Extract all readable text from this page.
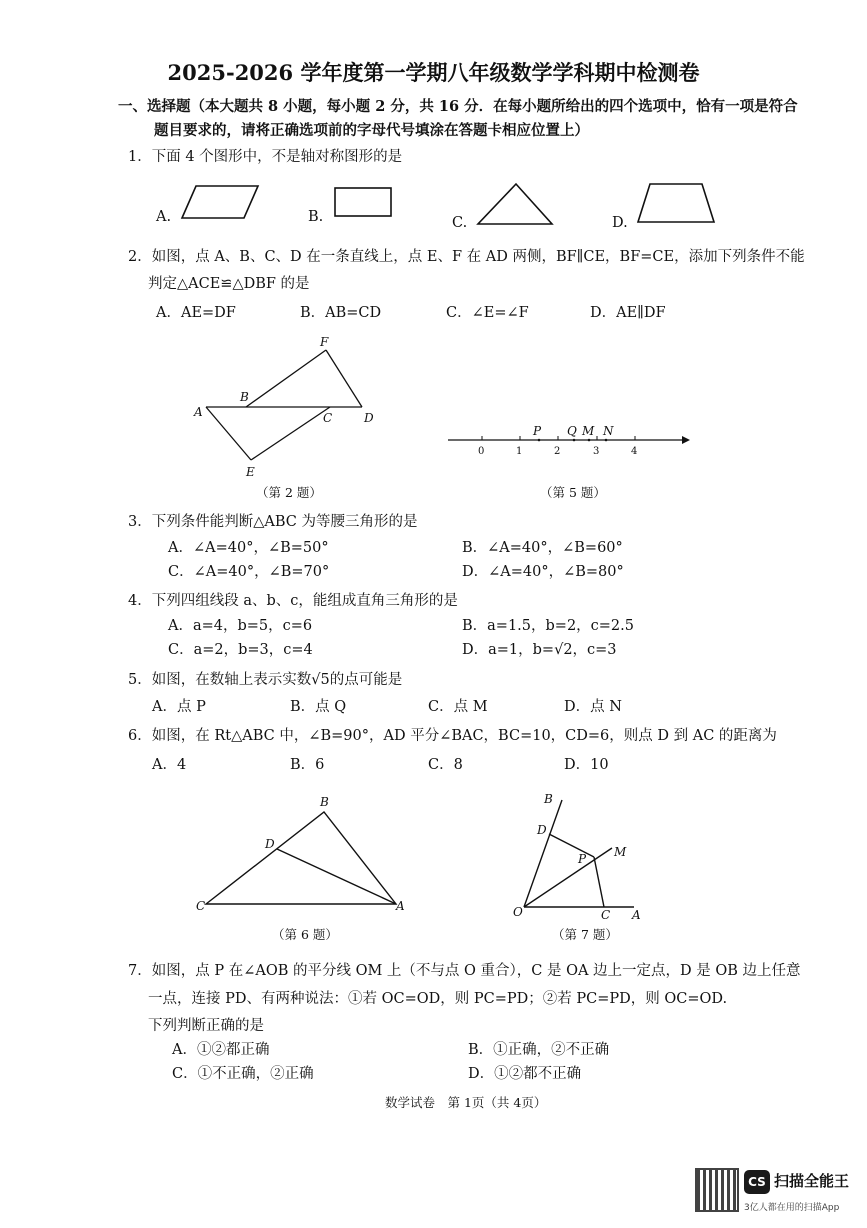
2025-2026 学年度第一学期八年级数学学科期中检测卷
一、选择题（本大题共 8 小题，每小题 2 分，共 16 分．在每小题所给出的四个选项中，恰有一项是符合
题目要求的，请将正确选项前的字母代号填涂在答题卡相应位置上）
1．下面 4 个图形中，不是轴对称图形的是
A.	B.	C.	D.
2．如图，点 A、B、C、D 在一条直线上，点 E、F 在 AD 两侧，BF∥CE，BF=CE，添加下列条件不能
判定△ACE≌△DBF 的是
A．AE=DF	B．AB=CD	C．∠E=∠F	D．AE∥DF
A
B
C	D
E
F
（第 2 题）
0	1	2	3	4
P Q M N
（第 5 题）
3．下列条件能判断△ABC 为等腰三角形的是
A．∠A=40°，∠B=50°	B．∠A=40°，∠B=60°
C．∠A=40°，∠B=70°	D．∠A=40°，∠B=80°
4．下列四组线段 a、b、c，能组成直角三角形的是
A．a=4，b=5，c=6	B．a=1.5，b=2，c=2.5
C．a=2，b=3，c=4	D．a=1，b=√2，c=3
5．如图，在数轴上表示实数√5的点可能是
A．点 P	B．点 Q	C．点 M	D．点 N
6．如图，在 Rt△ABC 中，∠B=90°，AD 平分∠BAC，BC=10，CD=6，则点 D 到 AC 的距离为
A．4	B．6	C．8	D．10
B
D
C	A
（第 6 题）
O	A
B
C
D
M
P
（第 7 题）
7．如图，点 P 在∠AOB 的平分线 OM 上（不与点 O 重合），C 是 OA 边上一定点，D 是 OB 边上任意
一点，连接 PD、有两种说法：①若 OC=OD，则 PC=PD；②若 PC=PD，则 OC=OD.
下列判断正确的是
A．①②都正确	B．①正确，②不正确
C．①不正确，②正确	D．①②都不正确
数学试卷　第 1页（共 4页）
CS 扫描全能王
3亿人都在用的扫描App
